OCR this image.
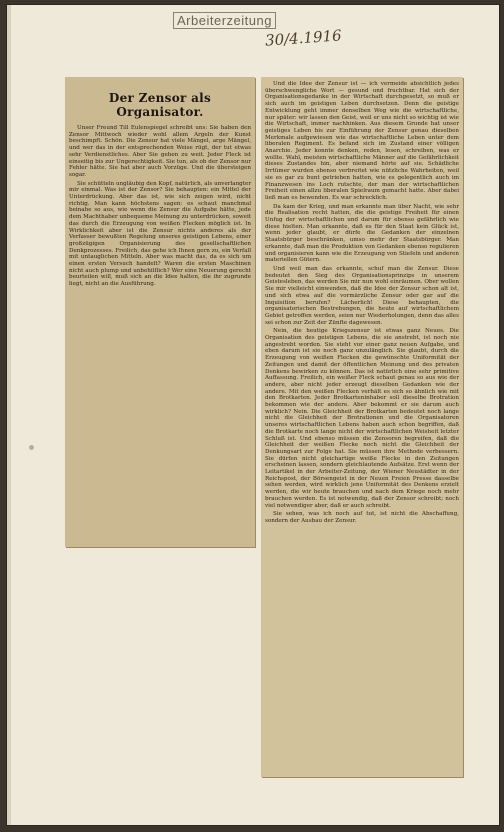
Arbeiterzeitung
30/4.1916
Der Zensor als Organisator.

Unser Freund Till Eulenspiegel schreibt uns: Sie haben den Zensor Mittwoch wieder wohl allem Argeln der Kunst beschimpft. Schön. Die Zensur hat viele Mängel, arge Mängel, und wer das in der entsprechenden Weise rügt, der tut etwas sehr Verdienstliches. Aber Sie gehen zu weit. Jeder Fleck ist einseitig bis zur Ungerechtigkeit. Sie tun, als ob der Zensor nur Fehler hätte. Sie hat aber auch Vorzüge. Und die übersteigen sogar.

Sie schütteln ungläubig den Kopf, natürlich, als unverlangter mir einmal. Was ist der Zensor? Sie behaupten: ein Mittel der Unterdrückung. Aber das ist, wie sich zeigen wird, nicht richtig. Man kann höchstens sagen: es schaut manchmal beinahe so aus, wie wenn die Zensur die Aufgabe hätte, jede dem Machthaber unbequeme Meinung zu unterdrücken, soweit das durch die Erzeugung von weißen Flecken möglich ist. In Wirklichkeit aber ist die Zensur nichts anderes als der Verfasser bewußten Regelung unseres geistigen Lebens, einer großzügigen Organisierung des gesellschaftlichen Denkprozesses. Freilich, das gehe ich Ihnen gern zu, ein Verfall mit untauglichen Mitteln. Aber was macht das, da es sich um einen ersten Versuch handelt? Waren die ersten Maschinen nicht auch plump und unbehilflich? Wer eine Neuerung gerecht beurteilen will, muß sich an die Idee halten, die ihr zugrunde liegt, nicht an die Ausführung.

Und die Idee der Zensur ist — ich vermeide absichtlich jedes überschwengliche Wort — gesund und fruchtbar. Hat sich der Organisationsgedanke in der Wirtschaft durchgesetzt, so muß er sich auch im geistigen Leben durchsetzen. Denn die geistige Entwicklung geht immer denselben Weg wie die wirtschaftliche, nur später: wir lassen den Geist, weil er uns nicht so wichtig ist wie die Wirtschaft, immer nachhinken. Aus diesem Grunde hat unser geistiges Leben bis zur Einführung der Zensur genau dieselben Merkmale aufgewiesen wie das wirtschaftliche Leben unter dem liberalen Regiment. Es befand sich im Zustand einer völligen Anarchie. Jeder konnte denken, reden, lesen, schreiben, was er wollte. Wahl, meisten wirtschaftliche Männer auf die Gefährlichkeit dieses Zustandes hin, aber niemand hörte auf sie. Schädliche Irrtümer wurden ebenso verbreitet wie nützliche Wahrheiten, weil sie es gar zu bunt getrieben hatten, wie es gelegentlich auch im Finanzwesen ins Loch rutschte, der man der wirtschaftlichen Freiheit einen allzu liberalen Spielraum gemacht hatte. Aber dabei ließ man es bewenden. Es war schrecklich.

Da kam der Krieg, und man erkannte man über Nacht, wie sehr die Realisation recht hatten, die die geistige Freiheit für einen Unfug der wirtschaftlichen und darum für ebenso gefährlich wie diese hielten. Man erkannte, daß es für den Staat kein Glück ist, wenn jeder glaubt, er dürfe die Gedanken der einzelnen Staatsbürger beschränken, umso mehr der Staatsbürger. Man erkannte, daß man die Produktion von Gedanken ebenso regulieren und organisieren kann wie die Erzeugung von Stiefeln und anderen materiellen Gütern.

Und weil man das erkannte, schuf man die Zensur. Diese bedeutet den Sieg des Organisationsprinzips in unserem Geistesleben, das werden Sie mir nun wohl einräumen. Ober wollen Sie mir vielleicht einwenden, daß die Idee der Zensur schon alt ist, und sich etwa auf die vormärzliche Zensur oder gar auf die Inquisition berufen? Lächerlich! Diese behaupten, die organisatorischen Bestrebungen, die heute auf wirtschaftlichem Gebiet getroffen werden, seien nur Wiederholungen, denn das alles sei schon zur Zeit der Zünfte dagewesen.

Nein, die heutige Kriegszensur ist etwas ganz Neues. Die Organisation des geistigen Lebens, die sie anstrebt, ist noch nie angestrebt worden. Sie steht vor einer ganz neuen Aufgabe, und eben darum ist sie noch ganz unzulänglich. Sie glaubt, durch die Erzeugung von weißen Flecken die gewünschte Uniformität der Zeitungen und damit der öffentlichen Meinung und des privaten Denkens bewirken zu können. Das ist natürlich eine sehr primitive Auffassung. Freilich, ein weißer Fleck schaut genau so aus wie der andere, aber nicht jeder erzeugt dieselben Gedanken wie der andere. Mit den weißen Flecken verhält es sich so ähnlich wie mit den Brotkarten. Jeder Brotkarteninhaber soll dieselbe Brotration bekommen wie der andere. Aber bekommt er sie darum auch wirklich? Nein. Die Gleichheit der Brotkarten bedeutet noch lange nicht die Gleichheit der Brotrationen und die Organisatoren unseres wirtschaftlichen Lebens haben auch schon begriffen, daß die Brotkarte noch lange nicht der wirtschaftlichen Weisheit letzter Schluß ist. Und ebenso müssen die Zensoren begreifen, daß die Gleichheit der weißen Flecke noch nicht die Gleichheit der Denkungsart zur Folge hat. Sie müssen ihre Methode verbessern. Sie dürfen nicht gleichartige weiße Flecke in den Zeitungen erscheinen lassen, sondern gleichlautende Aufsätze. Erst wenn der Leitartikel in der Arbeiter-Zeitung, der Wiener Neustädter in der Reichspost, der Börsengeist in der Neuen Freien Presse dasselbe sehen werden, wird wirklich jene Uniformität des Denkens erzielt werden, die wir heute brauchen und nach dem Kriege noch mehr brauchen werden. Es ist notwendig, daß der Zensor schreibt; noch viel notwendiger aber, daß er auch schreibt.

Sie sehen, was ich noch auf tut, ist nicht die Abschaffung, sondern der Ausbau der Zensur.
